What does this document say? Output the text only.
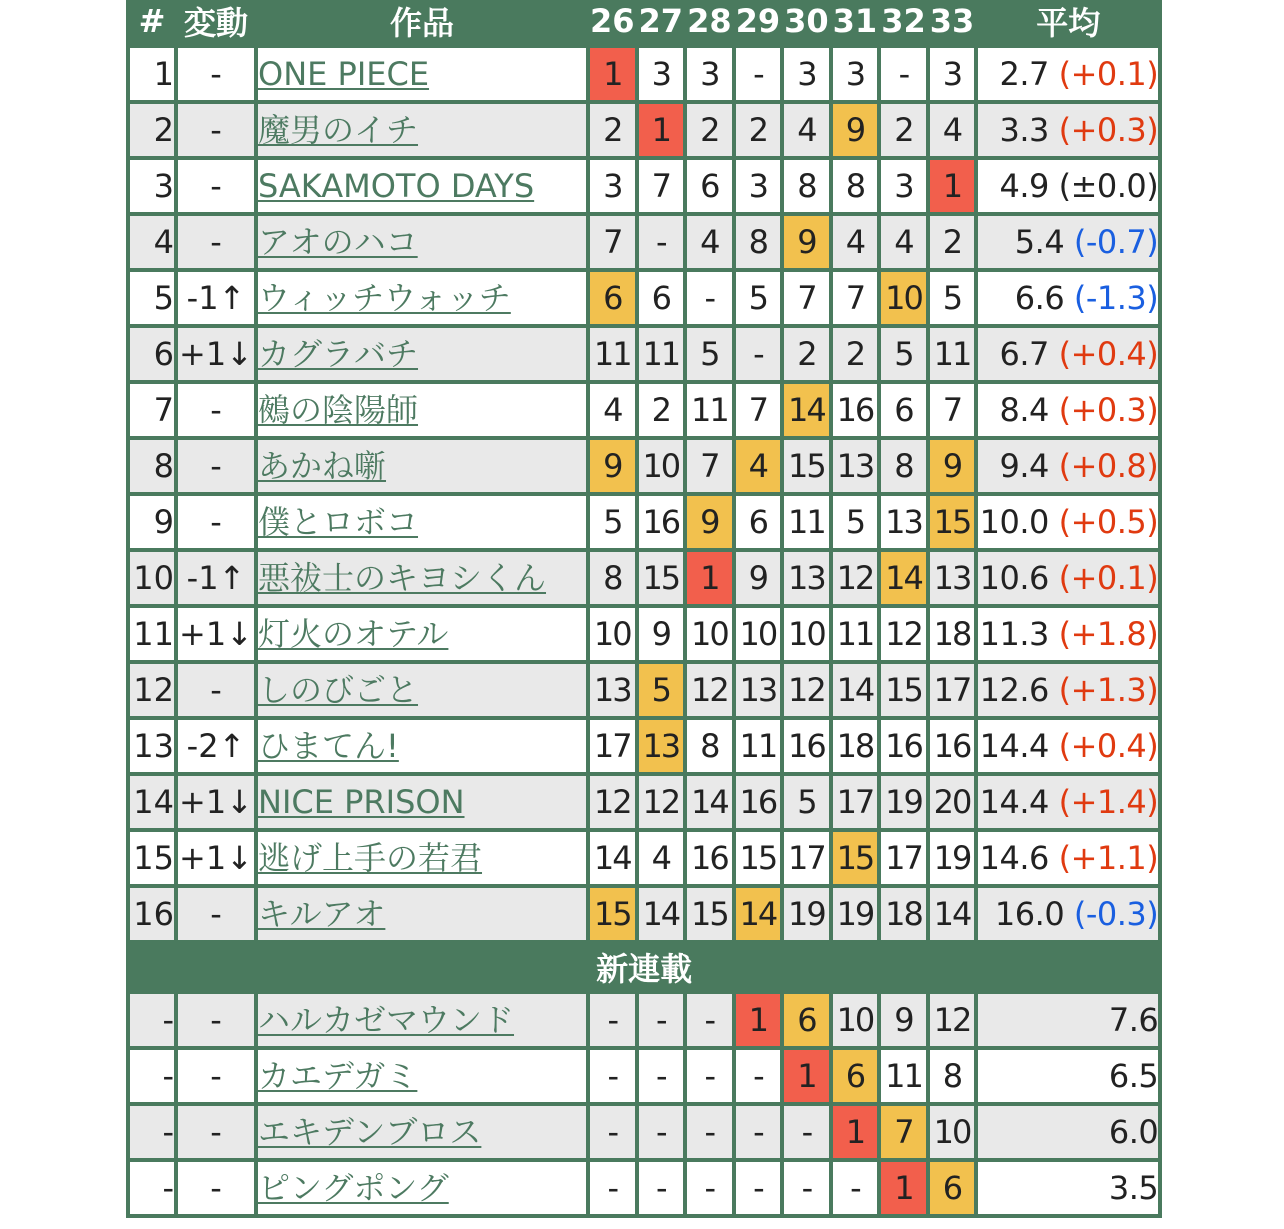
#	変動	作品	26	27	28	29	30	31	32	33	平均
1	-	ONE PIECE	1	3	3	-	3	3	-	3	2.7 (+0.1)
2	-	魔男のイチ	2	1	2	2	4	9	2	4	3.3 (+0.3)
3	-	SAKAMOTO DAYS	3	7	6	3	8	8	3	1	4.9 (±0.0)
4	-	アオのハコ	7	-	4	8	9	4	4	2	5.4 (-0.7)
5	-1↑	ウィッチウォッチ	6	6	-	5	7	7	10	5	6.6 (-1.3)
6	+1↓	カグラバチ	11	11	5	-	2	2	5	11	6.7 (+0.4)
7	-	鵺の陰陽師	4	2	11	7	14	16	6	7	8.4 (+0.3)
8	-	あかね噺	9	10	7	4	15	13	8	9	9.4 (+0.8)
9	-	僕とロボコ	5	16	9	6	11	5	13	15	10.0 (+0.5)
10	-1↑	悪祓士のキヨシくん	8	15	1	9	13	12	14	13	10.6 (+0.1)
11	+1↓	灯火のオテル	10	9	10	10	10	11	12	18	11.3 (+1.8)
12	-	しのびごと	13	5	12	13	12	14	15	17	12.6 (+1.3)
13	-2↑	ひまてん!	17	13	8	11	16	18	16	16	14.4 (+0.4)
14	+1↓	NICE PRISON	12	12	14	16	5	17	19	20	14.4 (+1.4)
15	+1↓	逃げ上手の若君	14	4	16	15	17	15	17	19	14.6 (+1.1)
16	-	キルアオ	15	14	15	14	19	19	18	14	16.0 (-0.3)
新連載											
-	-	ハルカゼマウンド	-	-	-	1	6	10	9	12	7.6
-	-	カエデガミ	-	-	-	-	1	6	11	8	6.5
-	-	エキデンブロス	-	-	-	-	-	1	7	10	6.0
-	-	ピングポング	-	-	-	-	-	-	1	6	3.5
